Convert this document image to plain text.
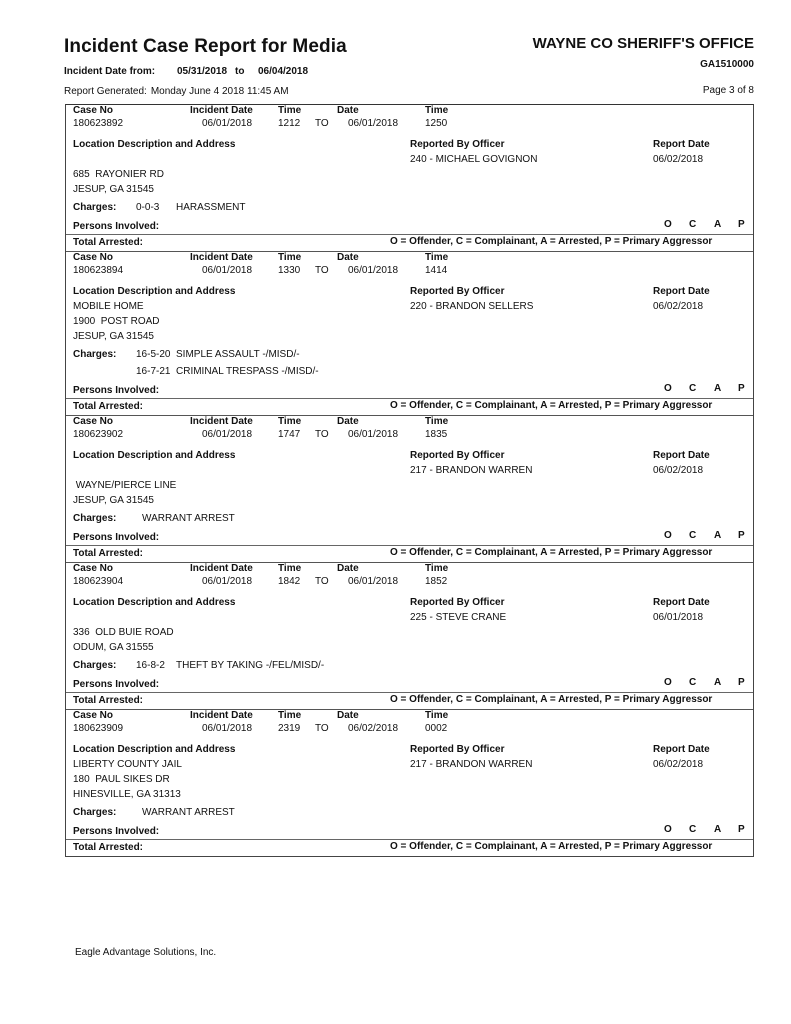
Incident Case Report for Media	WAYNE CO SHERIFF'S OFFICE
GA1510000
Incident Date from: 05/31/2018 to 06/04/2018
Report Generated: Monday June 4 2018 11:45 AM	Page 3 of 8
Case No	Incident Date	Time	Date	Time
180623892	06/01/2018	1212 TO 06/01/2018	1250
Location Description and Address	Reported By Officer
240 - MICHAEL GOVIGNON
Report Date
06/02/2018
685  RAYONIER RD
JESUP, GA 31545
Charges: 0-0-3 HARASSMENT
Persons Involved:	O C A P
Total Arrested:	O = Offender, C = Complainant, A = Arrested, P = Primary Aggressor
Case No	Incident Date	Time	Date	Time
180623894	06/01/2018	1330 TO 06/01/2018	1414
Location Description and Address	Reported By Officer
220 - BRANDON SELLERS
Report Date
06/02/2018
MOBILE HOME
1900  POST ROAD
JESUP, GA 31545
Charges: 16-5-20 SIMPLE ASSAULT -/MISD/-
16-7-21 CRIMINAL TRESPASS -/MISD/-
Persons Involved:	O C A P
Total Arrested:	O = Offender, C = Complainant, A = Arrested, P = Primary Aggressor
Case No	Incident Date	Time	Date	Time
180623902	06/01/2018	1747 TO 06/01/2018	1835
Location Description and Address	Reported By Officer
217 - BRANDON WARREN
Report Date
06/02/2018
WAYNE/PIERCE LINE
JESUP, GA 31545
Charges:	WARRANT ARREST
Persons Involved:	O C A P
Total Arrested:	O = Offender, C = Complainant, A = Arrested, P = Primary Aggressor
Case No	Incident Date	Time	Date	Time
180623904	06/01/2018	1842 TO 06/01/2018	1852
Location Description and Address	Reported By Officer
225 - STEVE CRANE
Report Date
06/01/2018
336  OLD BUIE ROAD
ODUM, GA 31555
Charges: 16-8-2 THEFT BY TAKING -/FEL/MISD/-
Persons Involved:	O C A P
Total Arrested:	O = Offender, C = Complainant, A = Arrested, P = Primary Aggressor
Case No	Incident Date	Time	Date	Time
180623909	06/01/2018	2319 TO 06/02/2018	0002
Location Description and Address	Reported By Officer
217 - BRANDON WARREN
Report Date
06/02/2018
LIBERTY COUNTY JAIL
180  PAUL SIKES DR
HINESVILLE, GA 31313
Charges:	WARRANT ARREST
Persons Involved:	O C A P
Total Arrested:	O = Offender, C = Complainant, A = Arrested, P = Primary Aggressor
Eagle Advantage Solutions, Inc.
